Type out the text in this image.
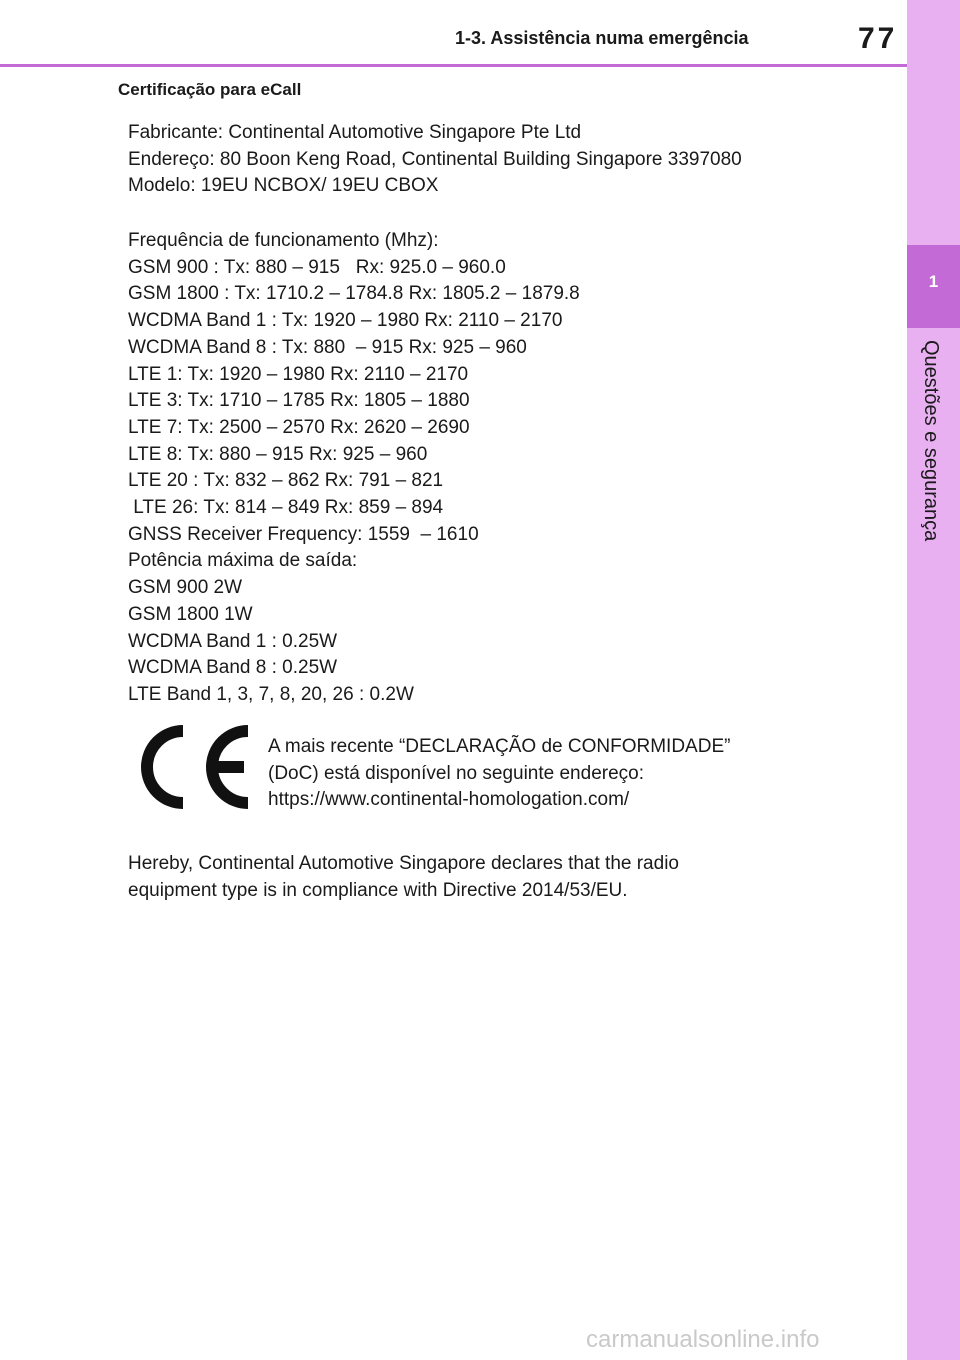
1
Questões e segurança
1-3. Assistência numa emergência	77
Certificação para eCall
Fabricante: Continental Automotive Singapore Pte Ltd
Endereço: 80 Boon Keng Road, Continental Building Singapore 3397080
Modelo: 19EU NCBOX/ 19EU CBOX
Frequência de funcionamento (Mhz):
GSM 900 : Tx: 880 – 915   Rx: 925.0 – 960.0
GSM 1800 : Tx: 1710.2 – 1784.8 Rx: 1805.2 – 1879.8
WCDMA Band 1 : Tx: 1920 – 1980 Rx: 2110 – 2170
WCDMA Band 8 : Tx: 880  – 915 Rx: 925 – 960
LTE 1: Tx: 1920 – 1980 Rx: 2110 – 2170
LTE 3: Tx: 1710 – 1785 Rx: 1805 – 1880
LTE 7: Tx: 2500 – 2570 Rx: 2620 – 2690
LTE 8: Tx: 880 – 915 Rx: 925 – 960
LTE 20 : Tx: 832 – 862 Rx: 791 – 821
LTE 26: Tx: 814 – 849 Rx: 859 – 894
GNSS Receiver Frequency: 1559  – 1610
Potência máxima de saída:
GSM 900 2W
GSM 1800 1W
WCDMA Band 1 : 0.25W
WCDMA Band 8 : 0.25W
LTE Band 1, 3, 7, 8, 20, 26 : 0.2W
A mais recente “DECLARAÇÃO de CONFORMIDADE”
(DoC) está disponível no seguinte endereço:
https://www.continental-homologation.com/
Hereby, Continental Automotive Singapore declares that the radio
equipment type is in compliance with Directive 2014/53/EU.
carmanualsonline.info
